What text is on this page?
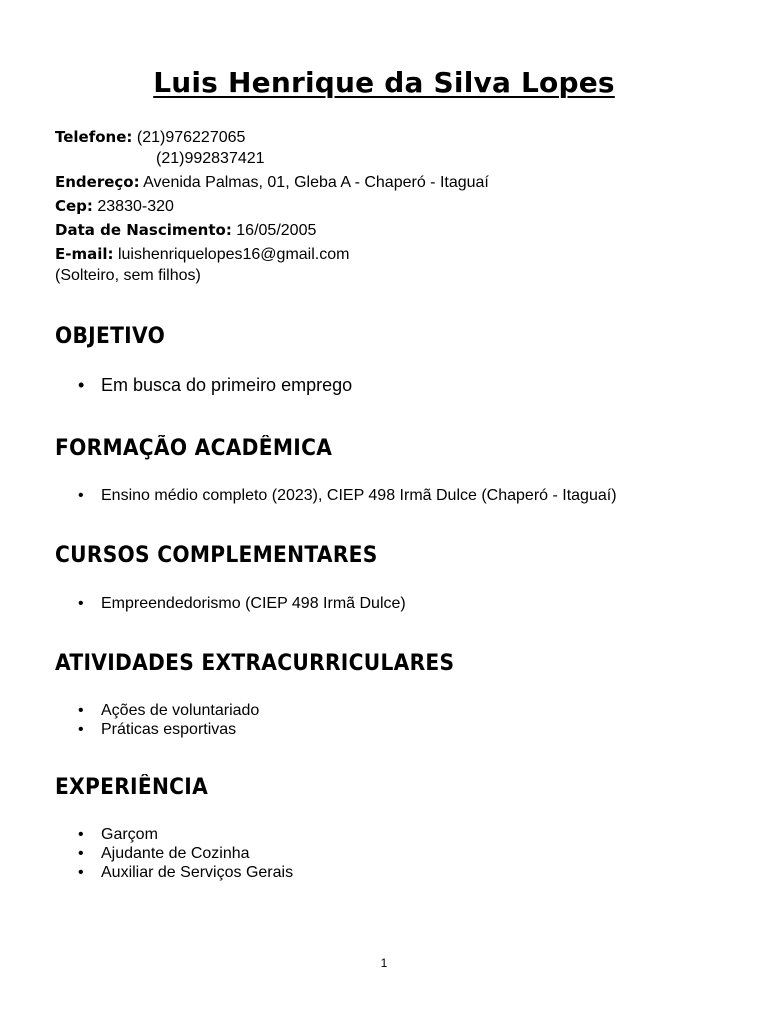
Luis Henrique da Silva Lopes
Telefone: (21)976227065
(21)992837421
Endereço: Avenida Palmas, 01, Gleba A - Chaperó - Itaguaí
Cep: 23830-320
Data de Nascimento: 16/05/2005
E-mail: luishenriquelopes16@gmail.com
(Solteiro, sem filhos)
OBJETIVO
• Em busca do primeiro emprego
FORMAÇÃO ACADÊMICA
• Ensino médio completo (2023), CIEP 498 Irmã Dulce (Chaperó - Itaguaí)
CURSOS COMPLEMENTARES
• Empreendedorismo (CIEP 498 Irmã Dulce)
ATIVIDADES EXTRACURRICULARES
• Ações de voluntariado
• Práticas esportivas
EXPERIÊNCIA
• Garçom
• Ajudante de Cozinha
• Auxiliar de Serviços Gerais
1
